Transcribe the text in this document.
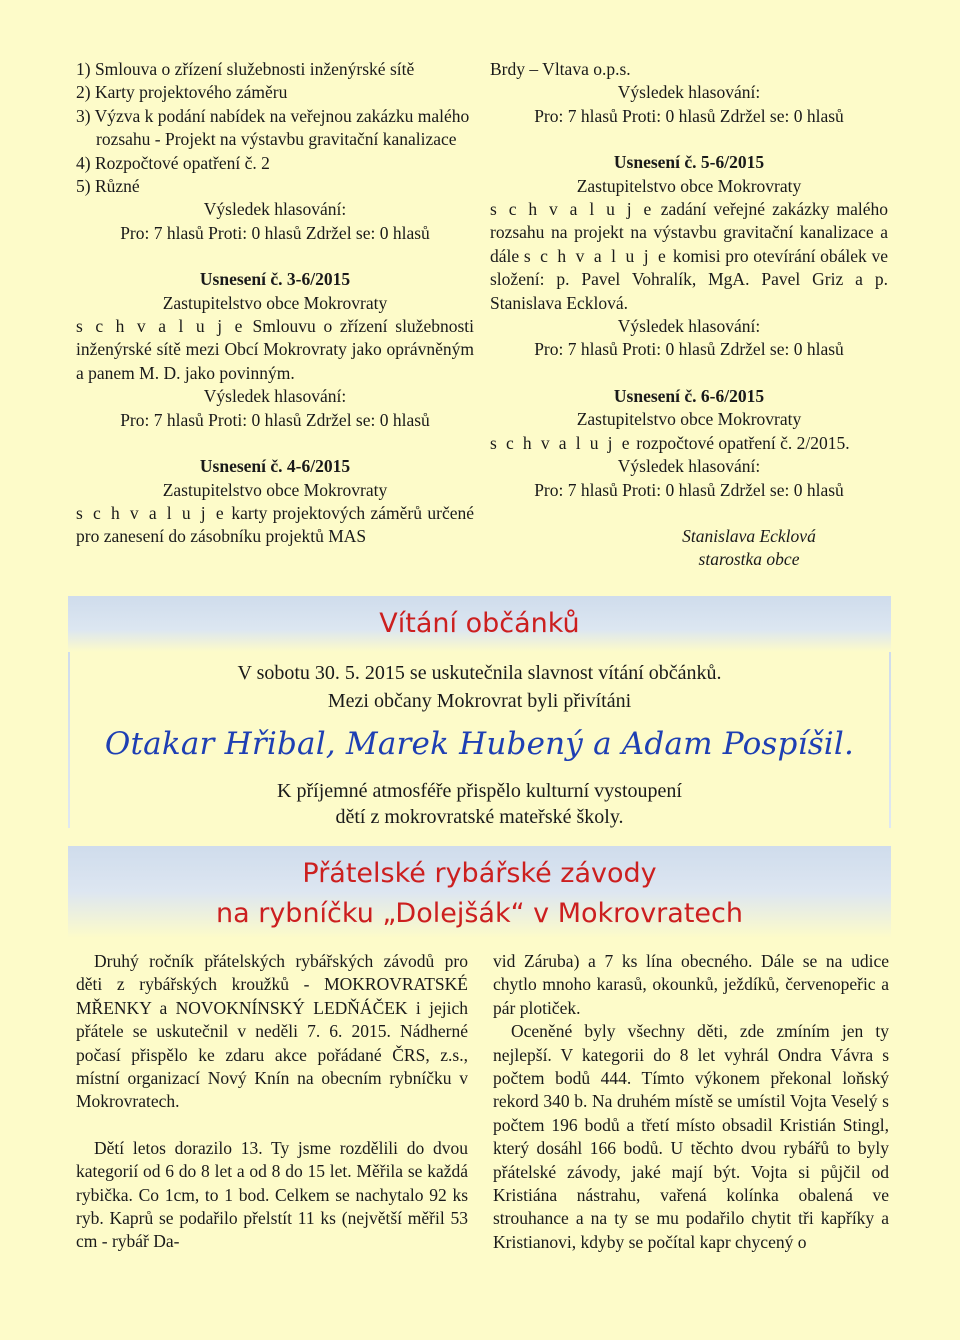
1) Smlouva o zřízení služebnosti inženýrské sítě

2) Karty projektového záměru

3) Výzva k podání nabídek na veřejnou zakázku malého rozsahu - Projekt na výstavbu gravitační kanalizace

4) Rozpočtové opatření č. 2

5) Různé

Výsledek hlasování:

Pro: 7 hlasů Proti: 0 hlasů Zdržel se: 0 hlasů

Usnesení č. 3-6/2015

Zastupitelstvo obce Mokrovraty

s c h v a l u j e Smlouvu o zřízení služebnosti inženýrské sítě mezi Obcí Mokrovraty jako oprávněným a panem M. D. jako povinným.

Výsledek hlasování:

Pro: 7 hlasů Proti: 0 hlasů Zdržel se: 0 hlasů

Usnesení č. 4-6/2015

Zastupitelstvo obce Mokrovraty

s c h v a l u j e karty projektových záměrů určené pro zanesení do zásobníku projektů MAS

Brdy – Vltava o.p.s.

Výsledek hlasování:

Pro: 7 hlasů Proti: 0 hlasů Zdržel se: 0 hlasů

Usnesení č. 5-6/2015

Zastupitelstvo obce Mokrovraty

s c h v a l u j e zadání veřejné zakázky malého rozsahu na projekt na výstavbu gravitační kanalizace a dále s c h v a l u j e komisi pro otevírání obálek ve složení: p. Pavel Vohralík, MgA. Pavel Griz a p. Stanislava Ecklová.

Výsledek hlasování:

Pro: 7 hlasů Proti: 0 hlasů Zdržel se: 0 hlasů

Usnesení č. 6-6/2015

Zastupitelstvo obce Mokrovraty

s c h v a l u j e rozpočtové opatření č. 2/2015.

Výsledek hlasování:

Pro: 7 hlasů Proti: 0 hlasů Zdržel se: 0 hlasů

Stanislava Ecklová

starostka obce

Vítání občánků
V sobotu 30. 5. 2015 se uskutečnila slavnost vítání občánků.
Mezi občany Mokrovrat byli přivítáni
Otakar Hřibal, Marek Hubený a Adam Pospíšil.
K příjemné atmosféře přispělo kulturní vystoupení
dětí z mokrovratské mateřské školy.
Přátelské rybářské závody
na rybníčku „Dolejšák“ v Mokrovratech

Druhý ročník přátelských rybářských závodů pro děti z rybářských kroužků - MOKROVRATSKÉ MŘENKY a NOVOKNÍNSKÝ LEDŇÁČEK i jejich přátele se uskutečnil v neděli 7. 6. 2015. Nádherné počasí přispělo ke zdaru akce pořádané ČRS, z.s., místní organizací Nový Knín na obecním rybníčku v Mokrovratech.

Dětí letos dorazilo 13. Ty jsme rozdělili do dvou kategorií od 6 do 8 let a od 8 do 15 let. Měřila se každá rybička. Co 1cm, to 1 bod. Celkem se nachytalo 92 ks ryb. Kaprů se podařilo přelstít 11 ks (největší měřil 53 cm - rybář Da-

vid Záruba) a 7 ks lína obecného. Dále se na udice chytlo mnoho karasů, okounků, ježdíků, červenopeřic a pár plotiček.

Oceněné byly všechny děti, zde zmíním jen ty nejlepší. V kategorii do 8 let vyhrál Ondra Vávra s počtem bodů 444. Tímto výkonem překonal loňský rekord 340 b. Na druhém místě se umístil Vojta Veselý s počtem 196 bodů a třetí místo obsadil Kristián Stingl, který dosáhl 166 bodů. U těchto dvou rybářů to byly přátelské závody, jaké mají být. Vojta si půjčil od Kristiána nástrahu, vařená kolínka obalená ve strouhance a na ty se mu podařilo chytit tři kapříky a Kristianovi, kdyby se počítal kapr chycený o
